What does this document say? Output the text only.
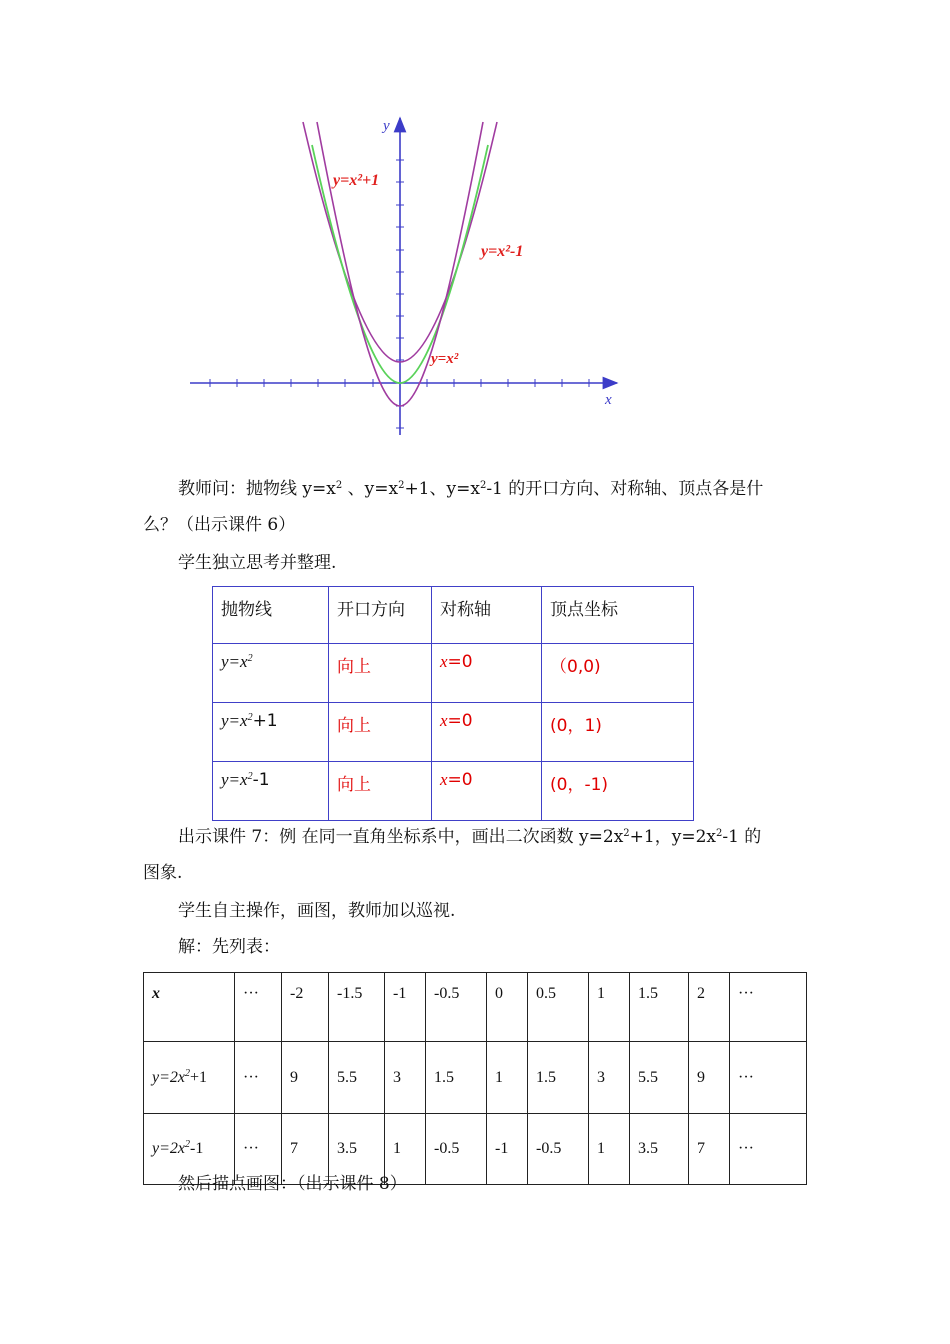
y
x
y=x²+1
y=x²-1
y=x²

教师问：抛物线 $y=x^2$ 、$y=x^2+1$、$y=x^2-1$ 的开口方向、对称轴、顶点各是什

么？（出示课件 6）

学生独立思考并整理.

抛物线	开口方向	对称轴	顶点坐标
$y=x^2$	向上	x=0	（0,0)
$y=x^2+1$	向上	x=0	(0，1)
$y=x^2-1$	向上	x=0	(0，-1)

出示课件 7：例 在同一直角坐标系中，画出二次函数 $y=2x^2+1$，$y=2x^2-1$ 的

图象.

学生自主操作，画图，教师加以巡视.

解：先列表：

x	···	-2	-1.5	-1	-0.5	0	0.5	1	1.5	2	···
$y=2x^2+1$	···	9	5.5	3	1.5	1	1.5	3	5.5	9	···
$y=2x^2-1$	···	7	3.5	1	-0.5	-1	-0.5	1	3.5	7	···

然后描点画图：（出示课件 8）
